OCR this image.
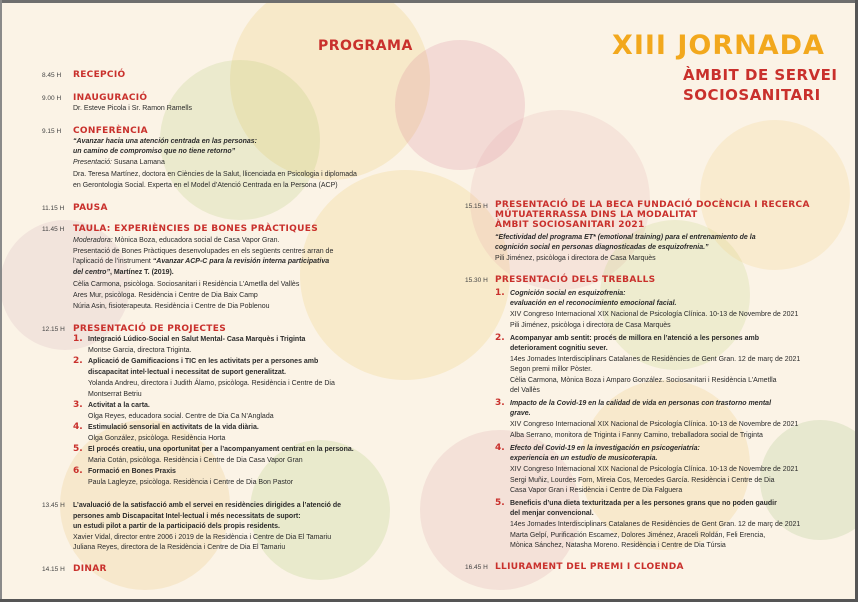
PROGRAMA	XIII JORNADA
ÀMBIT DE SERVEI
SOCIOSANITARI
8.45 H RECEPCIÓ
9.00 H INAUGURACIÓ
Dr. Esteve Picola i Sr. Ramon Ramells
9.15 H CONFERÈNCIA
“Avanzar hacia una atención centrada en las personas:
un camino de compromiso que no tiene retorno”
Presentació: Susana Lamana
Dra. Teresa Martínez, doctora en Ciències de la Salut, llicenciada en Psicologia i diplomada
en Gerontologia Social. Experta en el Model d’Atenció Centrada en la Persona (ACP)
11.15 H PAUSA
11.45 H TAULA: EXPERIÈNCIES DE BONES PRÀCTIQUES
Moderadora: Mònica Boza, educadora social de Casa Vapor Gran.
Presentació de Bones Pràctiques desenvolupades en els següents centres arran de
l’aplicació de l’instrument “Avanzar ACP-C para la revisión interna participativa
del centro”, Martínez T. (2019).
Cèlia Carmona, psicòloga. Sociosanitari i Residència L’Ametlla del Vallès
Ares Mur, psicòloga. Residència i Centre de Dia Baix Camp
Núria Asin, fisioterapeuta. Residència i Centre de Dia Poblenou
12.15 H PRESENTACIÓ DE PROJECTES
1. Integració Lúdico-Social en Salut Mental- Casa Marquès i Triginta
Montse Garcia, directora Triginta.
2. Aplicació de Gamificacions i TIC en les activitats per a persones amb
discapacitat intel·lectual i necessitat de suport generalitzat.
Yolanda Andreu, directora i Judith Álamo, psicòloga. Residència i Centre de Dia
Montserrat Betriu
3. Activitat a la carta.
Olga Reyes, educadora social. Centre de Dia Ca N’Anglada
4. Estimulació sensorial en activitats de la vida diària.
Olga González, psicòloga. Residència Horta
5. El procés creatiu, una oportunitat per a l’acompanyament centrat en la persona.
Maria Cotán, psicòloga. Residència i Centre de Dia Casa Vapor Gran
6. Formació en Bones Praxis
Paula Lagleyze, psicòloga. Residència i Centre de Dia Bon Pastor
13.45 H L’avaluació de la satisfacció amb el servei en residències dirigides a l’atenció de
persones amb Discapacitat Intel·lectual i més necessitats de suport:
un estudi pilot a partir de la participació dels propis residents.
Xavier Vidal, director entre 2006 i 2019 de la Residència i Centre de Dia El Tamariu
Juliana Reyes, directora de la Residència i Centre de Dia El Tamariu
14.15 H DINAR
15.15 H PRESENTACIÓ DE LA BECA FUNDACIÓ DOCÈNCIA I RECERCA
MÚTUATERRASSA DINS LA MODALITAT
ÀMBIT SOCIOSANITARI 2021
“Efectividad del programa ET* (emotional training) para el entrenamiento de la
cognición social en personas diagnosticadas de esquizofrenia.”
Pili Jiménez, psicòloga i directora de Casa Marquès
15.30 H PRESENTACIÓ DELS TREBALLS
1. Cognición social en esquizofrenia:
evaluación en el reconocimiento emocional facial.
XIV Congreso Internacional XIX Nacional de Psicología Clínica. 10-13 de Novembre de 2021
Pili Jiménez, psicòloga i directora de Casa Marquès
2. Acompanyar amb sentit: procés de millora en l’atenció a les persones amb
deteriorament cognitiu sever.
14es Jornades Interdisciplinars Catalanes de Residències de Gent Gran. 12 de març de 2021
Segon premi millor Pòster.
Cèlia Carmona, Mònica Boza i Amparo González. Sociosanitari i Residència L’Ametlla
del Vallès
3. Impacto de la Covid-19 en la calidad de vida en personas con trastorno mental
grave.
XIV Congreso Internacional XIX Nacional de Psicología Clínica. 10-13 de Novembre de 2021
Alba Serrano, monitora de Triginta i Fanny Camino, treballadora social de Triginta
4. Efecto del Covid-19 en la investigación en psicogeriatría:
experiencia en un estudio de musicoterapia.
XIV Congreso Internacional XIX Nacional de Psicología Clínica. 10-13 de Novembre de 2021
Sergi Muñiz, Lourdes Forn, Mireia Cos, Mercedes García. Residència i Centre de Dia
Casa Vapor Gran i Residència i Centre de Dia Falguera
5. Beneficis d’una dieta texturitzada per a les persones grans que no poden gaudir
del menjar convencional.
14es Jornades Interdisciplinars Catalanes de Residències de Gent Gran. 12 de març de 2021
Marta Gelpí, Purificación Escamez, Dolores Jiménez, Araceli Roldán, Feli Erencia,
Mònica Sánchez, Natasha Moreno. Residència i Centre de Dia Túrsia
16.45 H LLIURAMENT DEL PREMI I CLOENDA
